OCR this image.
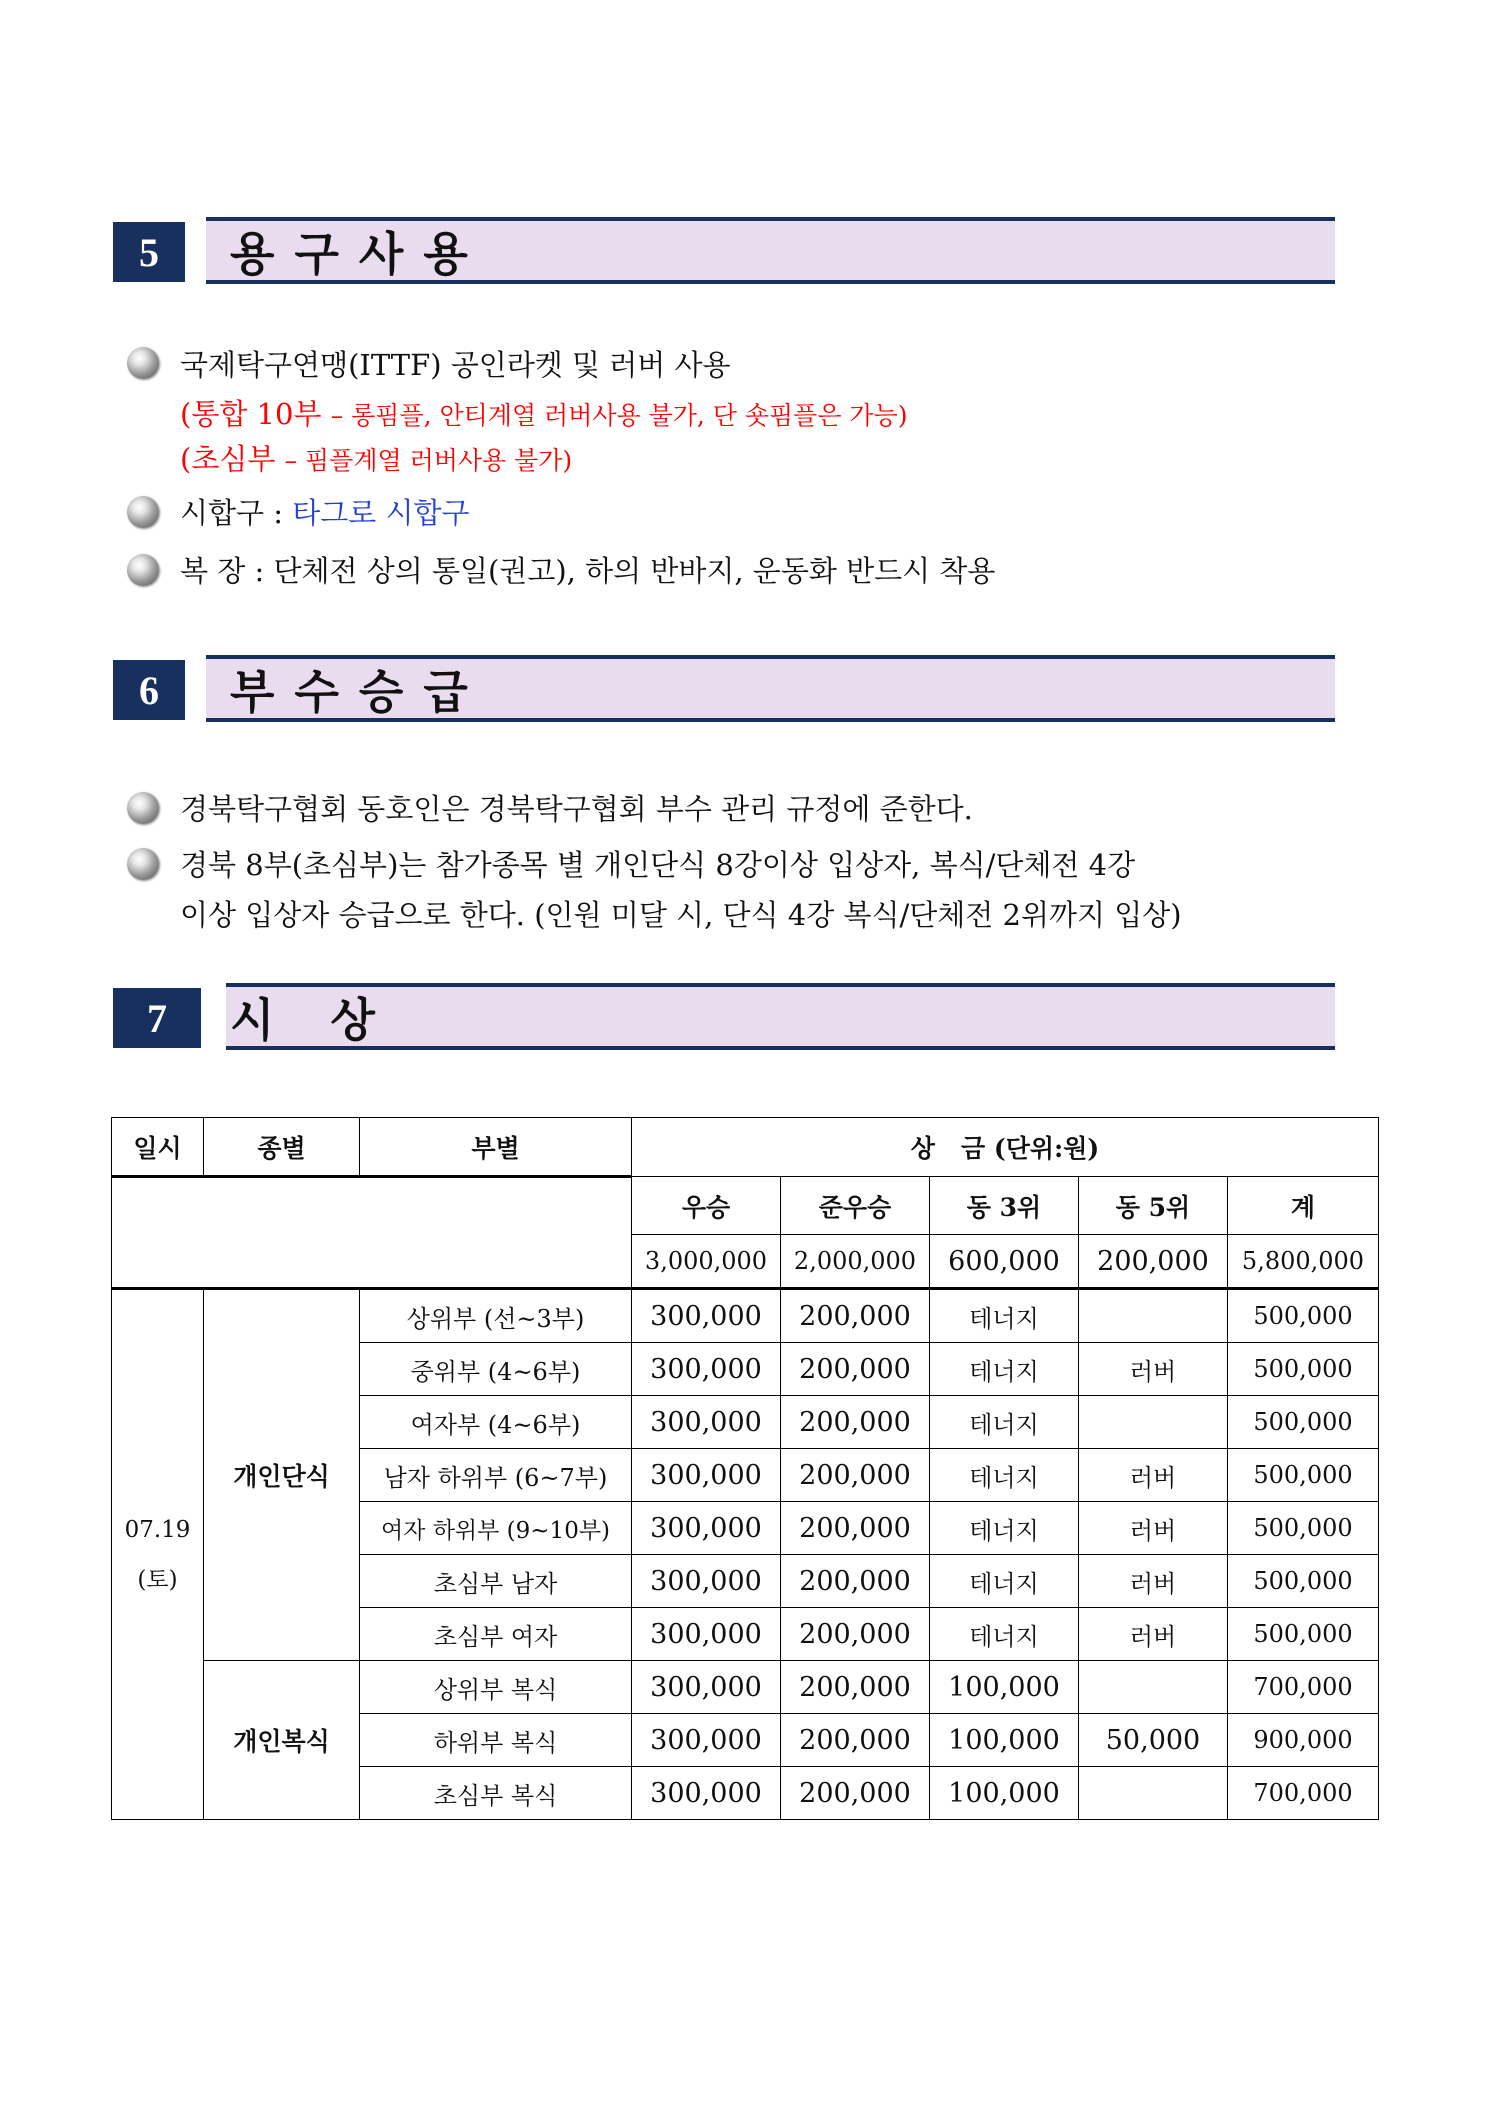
5	용 구 사 용
국제탁구연맹(ITTF) 공인라켓 및 러버 사용
(통합 10부 – 롱핌플, 안티계열 러버사용 불가, 단 숏핌플은 가능)
(초심부 – 핌플계열 러버사용 불가)
시합구 : 타그로 시합구
복 장 : 단체전 상의 통일(권고), 하의 반바지, 운동화 반드시 착용
6	부 수 승 급
경북탁구협회 동호인은 경북탁구협회 부수 관리 규정에 준한다.
경북 8부(초심부)는 참가종목 별 개인단식 8강이상 입상자, 복식/단체전 4강
이상 입상자 승급으로 한다. (인원 미달 시, 단식 4강 복식/단체전 2위까지 입상)
7	시   상
일시	종별	부별	상   금 (단위:원)				
			우승	준우승	동 3위	동 5위	계
			3,000,000	2,000,000	600,000	200,000	5,800,000
07.19
(토)	개인단식	상위부 (선~3부)	300,000	200,000	테너지		500,000
		중위부 (4~6부)	300,000	200,000	테너지	러버	500,000
		여자부 (4~6부)	300,000	200,000	테너지		500,000
		남자 하위부 (6~7부)	300,000	200,000	테너지	러버	500,000
		여자 하위부 (9~10부)	300,000	200,000	테너지	러버	500,000
		초심부 남자	300,000	200,000	테너지	러버	500,000
		초심부 여자	300,000	200,000	테너지	러버	500,000
	개인복식	상위부 복식	300,000	200,000	100,000		700,000
		하위부 복식	300,000	200,000	100,000	50,000	900,000
		초심부 복식	300,000	200,000	100,000		700,000
